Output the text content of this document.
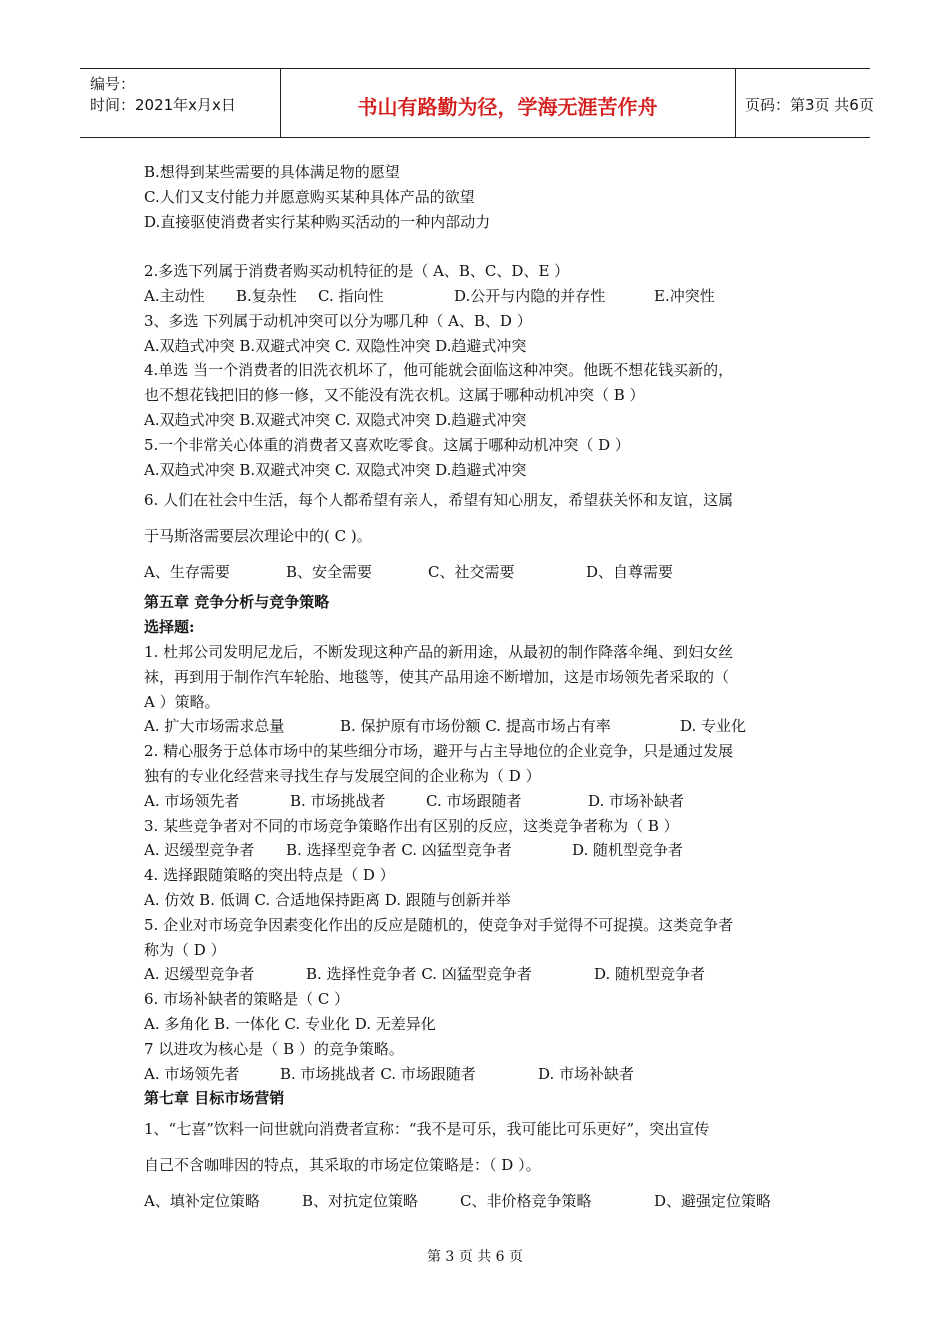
编号：
时间：2021年x月x日	书山有路勤为径，学海无涯苦作舟	页码：第3页 共6页
B.想得到某些需要的具体满足物的愿望
C.人们又支付能力并愿意购买某种具体产品的欲望
D.直接驱使消费者实行某种购买活动的一种内部动力
2.多选下列属于消费者购买动机特征的是（ A、B、C、D、E ）
A.主动性 B.复杂性 C. 指向性	D.公开与内隐的并存性	E.冲突性
3、多选 下列属于动机冲突可以分为哪几种（ A、B、D ）
A.双趋式冲突 B.双避式冲突 C. 双隐性冲突 D.趋避式冲突
4.单选 当一个消费者的旧洗衣机坏了，他可能就会面临这种冲突。他既不想花钱买新的，
也不想花钱把旧的修一修，又不能没有洗衣机。这属于哪种动机冲突（ B ）
A.双趋式冲突 B.双避式冲突 C. 双隐式冲突 D.趋避式冲突
5.一个非常关心体重的消费者又喜欢吃零食。这属于哪种动机冲突（ D ）
A.双趋式冲突 B.双避式冲突 C. 双隐式冲突 D.趋避式冲突
6. 人们在社会中生活，每个人都希望有亲人，希望有知心朋友，希望获关怀和友谊，这属
于马斯洛需要层次理论中的( C )。
A、生存需要	B、安全需要	C、社交需要	D、自尊需要
第五章 竞争分析与竞争策略
选择题:
1. 杜邦公司发明尼龙后，不断发现这种产品的新用途，从最初的制作降落伞绳、到妇女丝
袜，再到用于制作汽车轮胎、地毯等，使其产品用途不断增加，这是市场领先者采取的（
A ）策略。
A. 扩大市场需求总量	B. 保护原有市场份额 C. 提高市场占有率	D. 专业化
2. 精心服务于总体市场中的某些细分市场，避开与占主导地位的企业竞争，只是通过发展
独有的专业化经营来寻找生存与发展空间的企业称为（ D ）
A. 市场领先者	B. 市场挑战者	C. 市场跟随者	D. 市场补缺者
3. 某些竞争者对不同的市场竞争策略作出有区别的反应，这类竞争者称为（ B ）
A. 迟缓型竞争者 B. 选择型竞争者 C. 凶猛型竞争者	D. 随机型竞争者
4. 选择跟随策略的突出特点是（ D ）
A. 仿效 B. 低调 C. 合适地保持距离 D. 跟随与创新并举
5. 企业对市场竞争因素变化作出的反应是随机的，使竞争对手觉得不可捉摸。这类竞争者
称为（ D ）
A. 迟缓型竞争者	B. 选择性竞争者 C. 凶猛型竞争者	D. 随机型竞争者
6. 市场补缺者的策略是（ C ）
A. 多角化 B. 一体化 C. 专业化 D. 无差异化
7 以进攻为核心是（ B ）的竞争策略。
A. 市场领先者	B. 市场挑战者 C. 市场跟随者	D. 市场补缺者
第七章 目标市场营销
1、“七喜”饮料一问世就向消费者宣称：“我不是可乐，我可能比可乐更好”，突出宣传
自己不含咖啡因的特点，其采取的市场定位策略是：（ D ）。
A、填补定位策略	B、对抗定位策略	C、非价格竞争策略	D、避强定位策略
第 3 页 共 6 页
